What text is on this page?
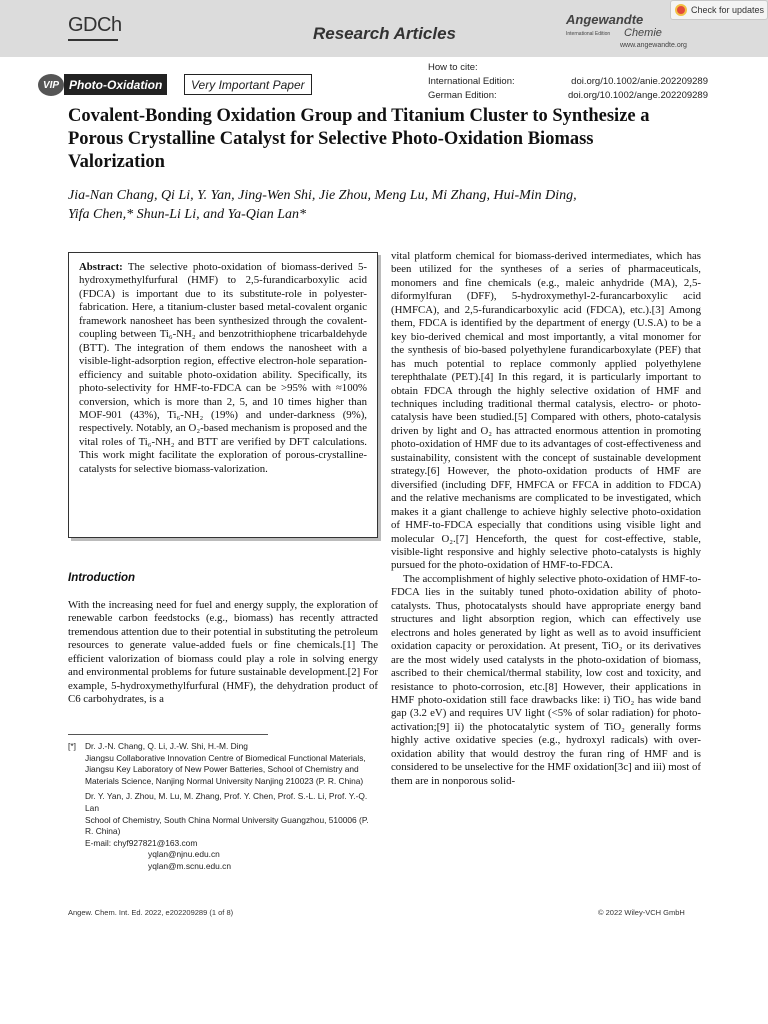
GDCh	Research Articles
Angewandte
International Edition Chemie
www.angewandte.org
Check for updates
VIP Photo-Oxidation	Very Important Paper
How to cite:
International Edition:	doi.org/10.1002/anie.202209289
German Edition:	doi.org/10.1002/ange.202209289
Covalent-Bonding Oxidation Group and Titanium Cluster to Synthesize a Porous Crystalline Catalyst for Selective Photo-Oxidation Biomass Valorization
Jia-Nan Chang, Qi Li, Y. Yan, Jing-Wen Shi, Jie Zhou, Meng Lu, Mi Zhang, Hui-Min Ding,
Yifa Chen,* Shun-Li Li, and Ya-Qian Lan*
Abstract: The selective photo-oxidation of biomass-derived 5-hydroxymethylfurfural (HMF) to 2,5-furandicarboxylic acid (FDCA) is important due to its substitute-role in polyester-fabrication. Here, a titanium-cluster based metal-covalent organic framework nanosheet has been synthesized through the covalent-coupling between Ti₆-NH₂ and benzotrithiophene tricarbaldehyde (BTT). The integration of them endows the nanosheet with a visible-light-adsorption region, effective electron-hole separation-efficiency and suitable photo-oxidation ability. Specifically, its photo-selectivity for HMF-to-FDCA can be >95% with ≈100% conversion, which is more than 2, 5, and 10 times higher than MOF-901 (43%), Ti₆-NH₂ (19%) and under-darkness (9%), respectively. Notably, an O₂-based mechanism is proposed and the vital roles of Ti₆-NH₂ and BTT are verified by DFT calculations. This work might facilitate the exploration of porous-crystalline-catalysts for selective biomass-valorization.
Introduction

With the increasing need for fuel and energy supply, the exploration of renewable carbon feedstocks (e.g., biomass) has recently attracted tremendous attention due to their potential in substituting the petroleum resources to generate value-added fuels or fine chemicals.[1] The efficient valorization of biomass could play a role in solving energy and environmental problems for future sustainable development.[2] For example, 5-hydroxymethylfurfural (HMF), the dehydration product of C6 carbohydrates, is a

vital platform chemical for biomass-derived intermediates, which has been utilized for the syntheses of a series of pharmaceuticals, monomers and fine chemicals (e.g., maleic anhydride (MA), 2,5-diformylfuran (DFF), 5-hydroxymethyl-2-furancarboxylic acid (HMFCA), and 2,5-furandicarboxylic acid (FDCA), etc.).[3] Among them, FDCA is identified by the department of energy (U.S.A) to be a key bio-derived chemical and most importantly, a vital monomer for the synthesis of bio-based polyethylene furandicarboxylate (PEF) that has much potential to replace commonly applied polyethylene terephthalate (PET).[4] In this regard, it is particularly important to obtain FDCA through the highly selective oxidation of HMF and techniques including traditional thermal catalysis, electro- or photo-catalysis have been studied.[5] Compared with others, photo-catalysis driven by light and O₂ has attracted enormous attention in promoting photo-oxidation of HMF due to its advantages of cost-effectiveness and sustainability, consistent with the concept of sustainable development strategy.[6] However, the photo-oxidation products of HMF are diversified (including DFF, HMFCA or FFCA in addition to FDCA) and the relative mechanisms are complicated to be investigated, which makes it a giant challenge to achieve highly selective photo-oxidation of HMF-to-FDCA especially that conditions using visible light and molecular O₂.[7] Henceforth, the quest for cost-effective, stable, visible-light responsive and highly selective photo-catalysts is highly pursued for the photo-oxidation of HMF-to-FDCA.

The accomplishment of highly selective photo-oxidation of HMF-to-FDCA lies in the suitably tuned photo-oxidation ability of photo-catalysts. Thus, photocatalysts should have appropriate energy band structures and light absorption region, which can effectively use electrons and holes generated by light as well as to avoid insufficient oxidation capacity or peroxidation. At present, TiO₂ or its derivatives are the most widely used catalysts in the photo-oxidation of biomass, ascribed to their chemical/thermal stability, low cost and toxicity, and resistance to photo-corrosion, etc.[8] However, their applications in HMF photo-oxidation still face drawbacks like: i) TiO₂ has wide band gap (3.2 eV) and requires UV light (<5% of solar radiation) for photo-activation;[9] ii) the photocatalytic system of TiO₂ generally forms highly active oxidative species (e.g., hydroxyl radicals) with over-oxidation ability that would destroy the furan ring of HMF and is considered to be unselective for the HMF oxidation[3c] and iii) most of them are in nonporous solid-

[*] Dr. J.-N. Chang, Q. Li, J.-W. Shi, H.-M. Ding
Jiangsu Collaborative Innovation Centre of Biomedical Functional Materials, Jiangsu Key Laboratory of New Power Batteries, School of Chemistry and Materials Science, Nanjing Normal University Nanjing 210023 (P. R. China)
Dr. Y. Yan, J. Zhou, M. Lu, M. Zhang, Prof. Y. Chen, Prof. S.-L. Li, Prof. Y.-Q. Lan
School of Chemistry, South China Normal University Guangzhou, 510006 (P. R. China)
E-mail: chyf927821@163.com
yqlan@njnu.edu.cn
yqlan@m.scnu.edu.cn
Angew. Chem. Int. Ed. 2022, e202209289 (1 of 8)	© 2022 Wiley-VCH GmbH
